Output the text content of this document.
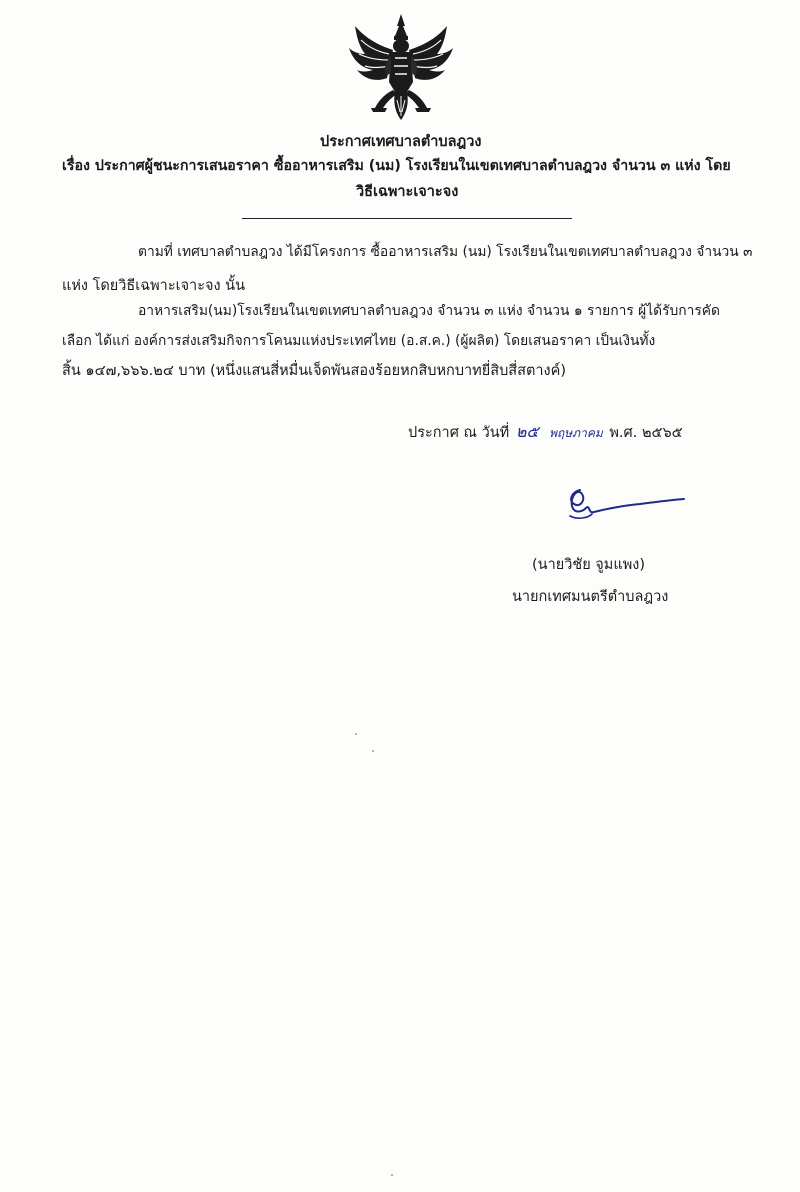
ประกาศเทศบาลตำบลฎวง
เรื่อง ประกาศผู้ชนะการเสนอราคา ซื้ออาหารเสริม (นม) โรงเรียนในเขตเทศบาลตำบลฎวง จำนวน ๓ แห่ง โดย
วิธีเฉพาะเจาะจง
ตามที่ เทศบาลตำบลฎวง ได้มีโครงการ ซื้ออาหารเสริม (นม) โรงเรียนในเขตเทศบาลตำบลฎวง จำนวน ๓
แห่ง โดยวิธีเฉพาะเจาะจง นั้น
อาหารเสริม(นม)โรงเรียนในเขตเทศบาลตำบลฎวง จำนวน ๓ แห่ง จำนวน ๑ รายการ ผู้ได้รับการคัด
เลือก ได้แก่ องค์การส่งเสริมกิจการโคนมแห่งประเทศไทย (อ.ส.ค.) (ผู้ผลิต) โดยเสนอราคา เป็นเงินทั้ง
สิ้น ๑๔๗,๖๖๖.๒๔ บาท (หนึ่งแสนสี่หมื่นเจ็ดพันสองร้อยหกสิบหกบาทยี่สิบสี่สตางค์)
ประกาศ ณ วันที่ ๒๕ พฤษภาคม พ.ศ. ๒๕๖๕
(นายวิชัย จูมแพง)
นายกเทศมนตรีตำบลฎวง
